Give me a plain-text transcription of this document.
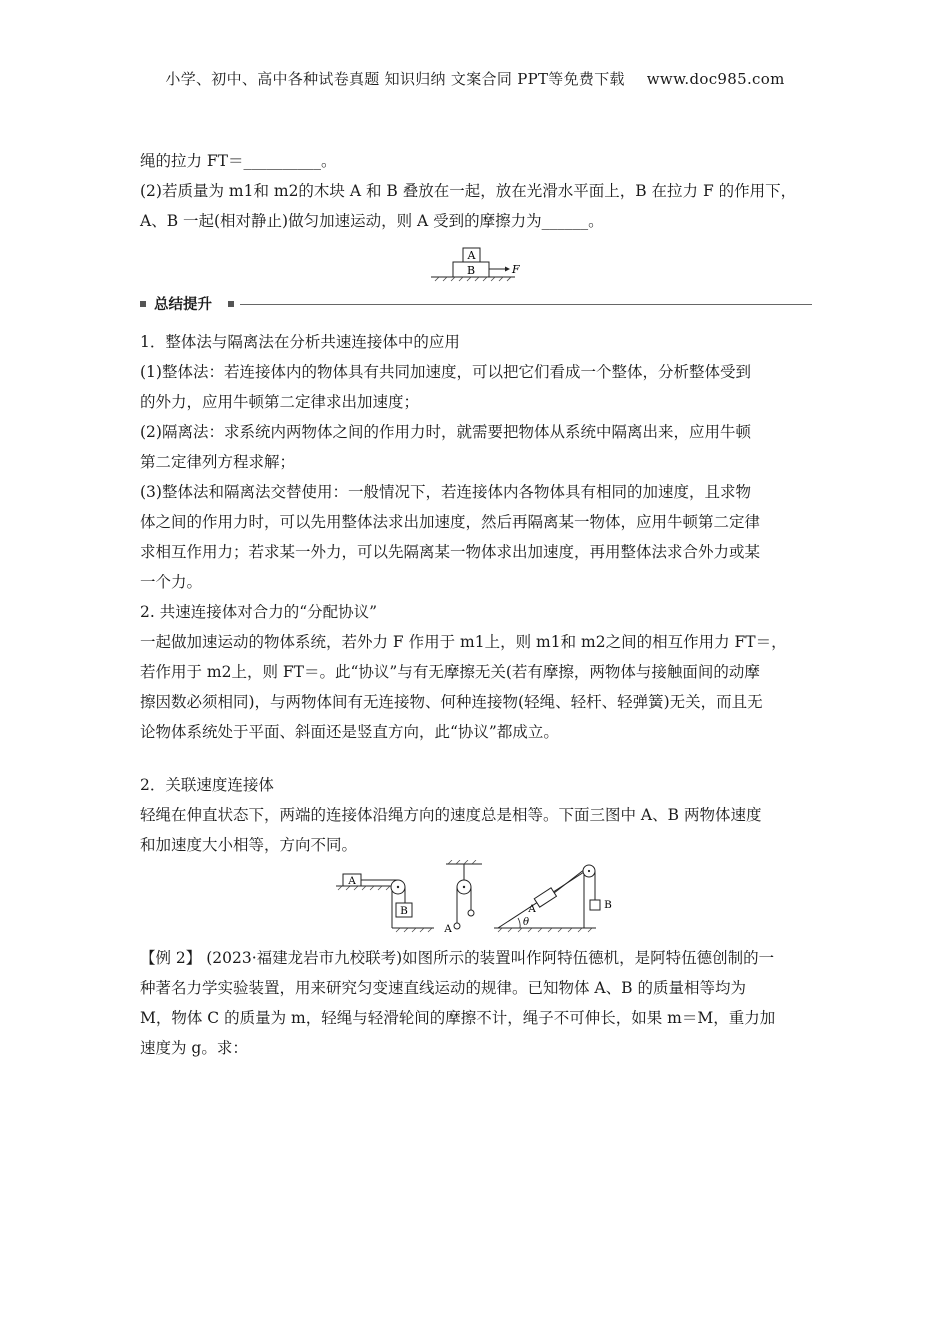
小学、初中、高中各种试卷真题 知识归纳 文案合同 PPT等免费下载 www.doc985.com
绳的拉力 FT＝__________。
(2)若质量为 m1和 m2的木块 A 和 B 叠放在一起，放在光滑水平面上，B 在拉力 F 的作用下，
A、B 一起(相对静止)做匀加速运动，则 A 受到的摩擦力为______。
A
B	F
总结提升
1．整体法与隔离法在分析共速连接体中的应用
(1)整体法：若连接体内的物体具有共同加速度，可以把它们看成一个整体，分析整体受到
的外力，应用牛顿第二定律求出加速度；
(2)隔离法：求系统内两物体之间的作用力时，就需要把物体从系统中隔离出来，应用牛顿
第二定律列方程求解；
(3)整体法和隔离法交替使用：一般情况下，若连接体内各物体具有相同的加速度，且求物
体之间的作用力时，可以先用整体法求出加速度，然后再隔离某一物体，应用牛顿第二定律
求相互作用力；若求某一外力，可以先隔离某一物体求出加速度，再用整体法求合外力或某
一个力。
2. 共速连接体对合力的“分配协议”
一起做加速运动的物体系统，若外力 F 作用于 m1上，则 m1和 m2之间的相互作用力 FT＝，
若作用于 m2上，则 FT＝。此“协议”与有无摩擦无关(若有摩擦，两物体与接触面间的动摩
擦因数必须相同)，与两物体间有无连接物、何种连接物(轻绳、轻杆、轻弹簧)无关，而且无
论物体系统处于平面、斜面还是竖直方向，此“协议”都成立。
2．关联速度连接体
轻绳在伸直状态下，两端的连接体沿绳方向的速度总是相等。下面三图中 A、B 两物体速度
和加速度大小相等，方向不同。
A
B
A
A	B
θ
【例 2】 (2023·福建龙岩市九校联考)如图所示的装置叫作阿特伍德机，是阿特伍德创制的一
种著名力学实验装置，用来研究匀变速直线运动的规律。已知物体 A、B 的质量相等均为
M，物体 C 的质量为 m，轻绳与轻滑轮间的摩擦不计，绳子不可伸长，如果 m＝M，重力加
速度为 g。求：
